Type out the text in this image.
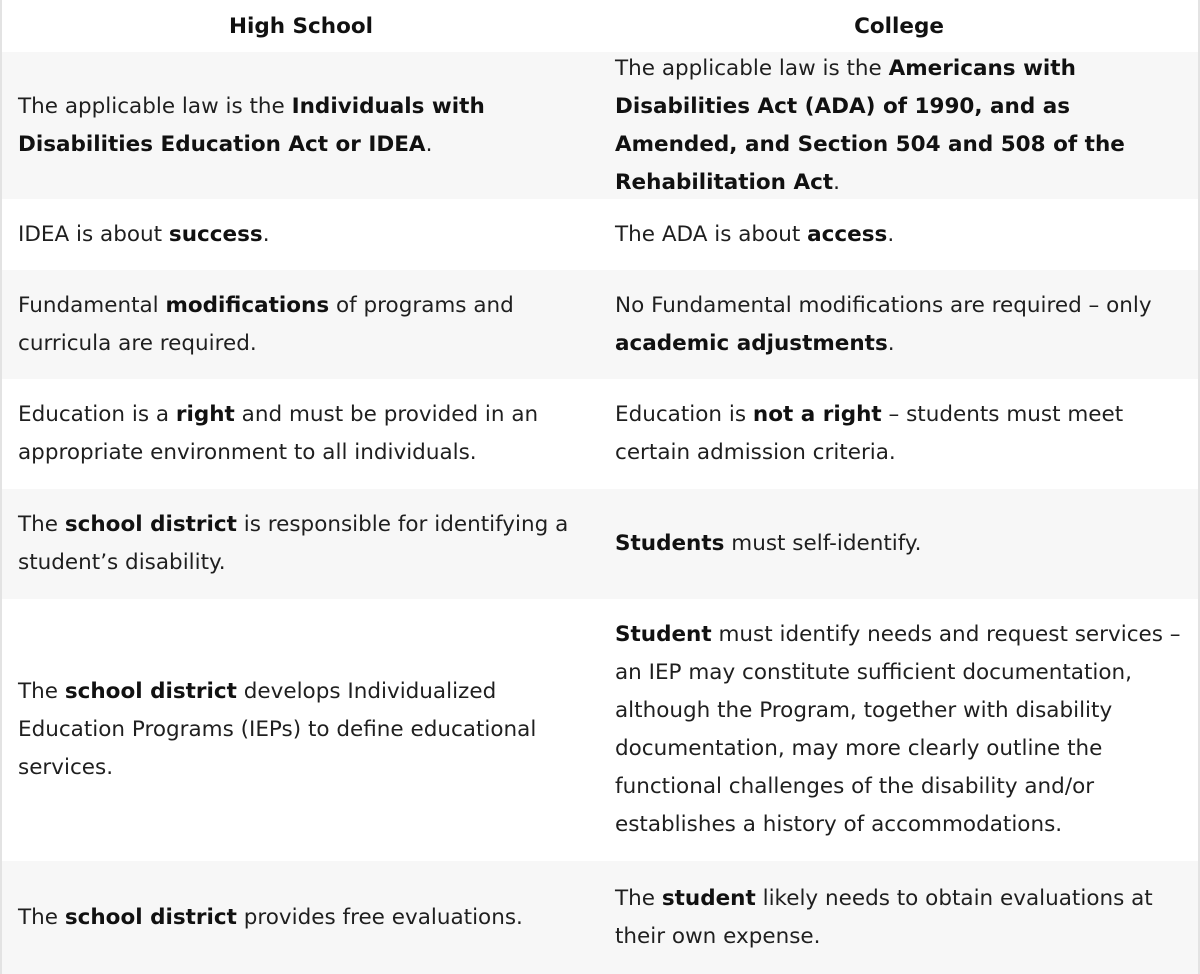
High School	College

The applicable law is the Individuals with Disabilities Education Act or IDEA.

The applicable law is the Americans with Disabilities Act (ADA) of 1990, and as Amended, and Section 504 and 508 of the Rehabilitation Act.

IDEA is about success.	The ADA is about access.

Fundamental modifications of programs and curricula are required.

No Fundamental modifications are required – only academic adjustments.

Education is a right and must be provided in an appropriate environment to all individuals.

Education is not a right – students must meet certain admission criteria.

The school district is responsible for identifying a student’s disability.

Students must self-identify.

The school district develops Individualized Education Programs (IEPs) to define educational services.

Student must identify needs and request services – an IEP may constitute sufficient documentation, although the Program, together with disability documentation, may more clearly outline the functional challenges of the disability and/or establishes a history of accommodations.

The school district provides free evaluations.

The student likely needs to obtain evaluations at their own expense.
